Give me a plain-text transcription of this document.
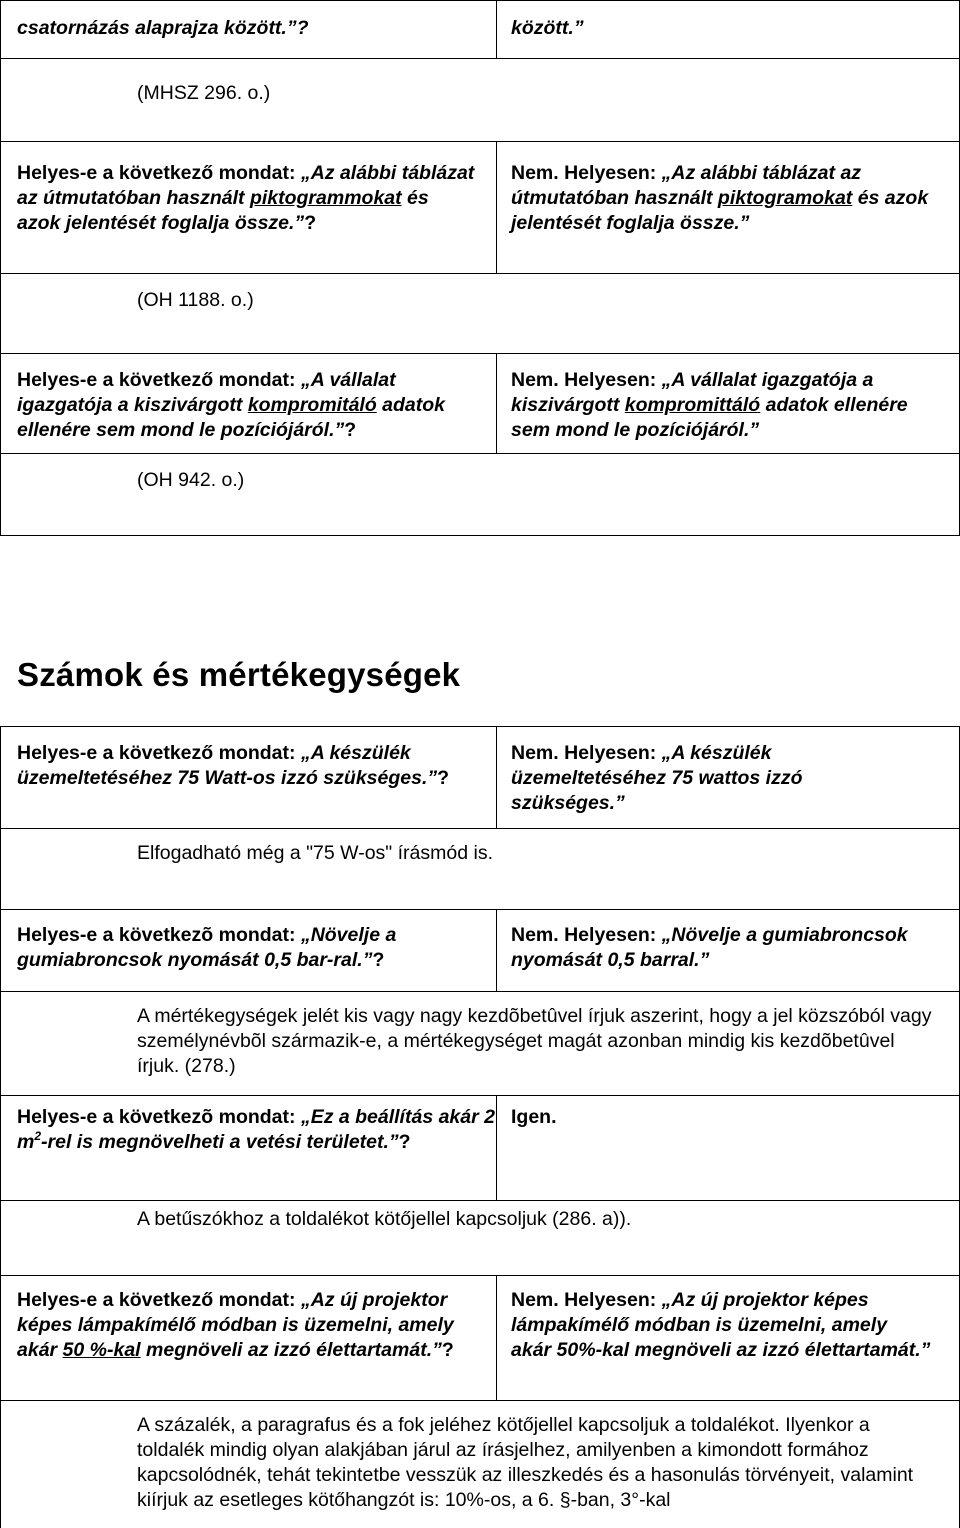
csatornázás alaprajza között.”?	között.”
(MHSZ 296. o.)
Helyes-e a következő mondat: „Az alábbi táblázat az útmutatóban használt piktogrammokat és azok jelentését foglalja össze.”?
Nem. Helyesen: „Az alábbi táblázat az útmutatóban használt piktogramokat és azok jelentését foglalja össze.”
(OH 1188. o.)
Helyes-e a következő mondat: „A vállalat igazgatója a kiszivárgott kompromitáló adatok ellenére sem mond le pozíciójáról.”?
Nem. Helyesen: „A vállalat igazgatója a kiszivárgott kompromittáló adatok ellenére sem mond le pozíciójáról.”
(OH 942. o.)
Számok és mértékegységek
Helyes-e a következő mondat: „A készülék üzemeltetéséhez 75 Watt-os izzó szükséges.”?
Nem. Helyesen: „A készülék üzemeltetéséhez 75 wattos izzó szükséges.”
Elfogadható még a "75 W-os" írásmód is.
Helyes-e a következõ mondat: „Növelje a gumiabroncsok nyomását 0,5 bar-ral.”?
Nem. Helyesen: „Növelje a gumiabroncsok nyomását 0,5 barral.”
A mértékegységek jelét kis vagy nagy kezdõbetûvel írjuk aszerint, hogy a jel közszóból vagy személynévbõl származik-e, a mértékegységet magát azonban mindig kis kezdõbetûvel írjuk. (278.)
Helyes-e a következõ mondat: „Ez a beállítás akár 2 $m^2$-rel is megnövelheti a vetési területet.”?
Igen.
A betűszókhoz a toldalékot kötőjellel kapcsoljuk (286. a)).
Helyes-e a következő mondat: „Az új projektor képes lámpakímélő módban is üzemelni, amely akár 50 %-kal megnöveli az izzó élettartamát.”?
Nem. Helyesen: „Az új projektor képes lámpakímélő módban is üzemelni, amely akár 50%-kal megnöveli az izzó élettartamát.”
A százalék, a paragrafus és a fok jeléhez kötőjellel kapcsoljuk a toldalékot. Ilyenkor a toldalék mindig olyan alakjában járul az írásjelhez, amilyenben a kimondott formához kapcsolódnék, tehát tekintetbe vesszük az illeszkedés és a hasonulás törvényeit, valamint kiírjuk az esetleges kötőhangzót is: 10%-os, a 6. §-ban, 3°-kal
